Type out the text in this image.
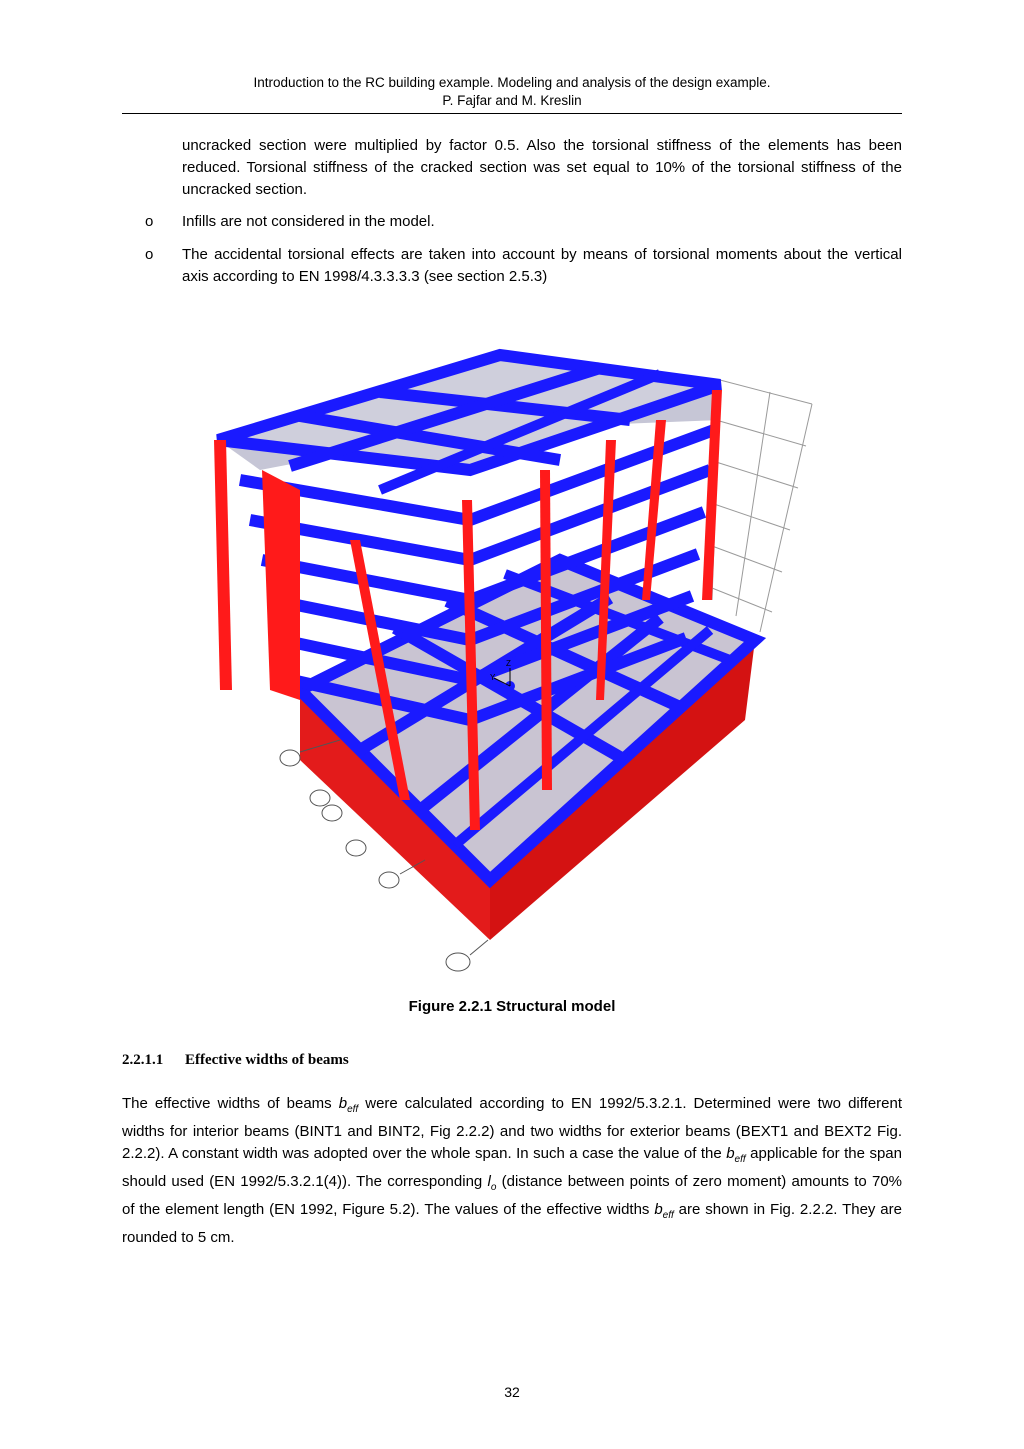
Introduction to the RC building example. Modeling and analysis of the design example.
P. Fajfar and M. Kreslin
uncracked section were multiplied by factor 0.5. Also the torsional stiffness of the elements has been reduced. Torsional stiffness of the cracked section was set equal to 10% of the torsional stiffness of the uncracked section.
o Infills are not considered in the model.
o The accidental torsional effects are taken into account by means of torsional moments about the vertical axis according to EN 1998/4.3.3.3.3 (see section 2.5.3)
Y
Z
Figure 2.2.1 Structural model
2.2.1.1 Effective widths of beams
The effective widths of beams $b_{eff}$ were calculated according to EN 1992/5.3.2.1. Determined were two different widths for interior beams (BINT1 and BINT2, Fig 2.2.2) and two widths for exterior beams (BEXT1 and BEXT2 Fig. 2.2.2). A constant width was adopted over the whole span. In such a case the value of the $b_{eff}$ applicable for the span should used (EN 1992/5.3.2.1(4)). The corresponding $l_o$ (distance between points of zero moment) amounts to 70% of the element length (EN 1992, Figure 5.2). The values of the effective widths $b_{eff}$ are shown in Fig. 2.2.2. They are rounded to 5 cm.
32
